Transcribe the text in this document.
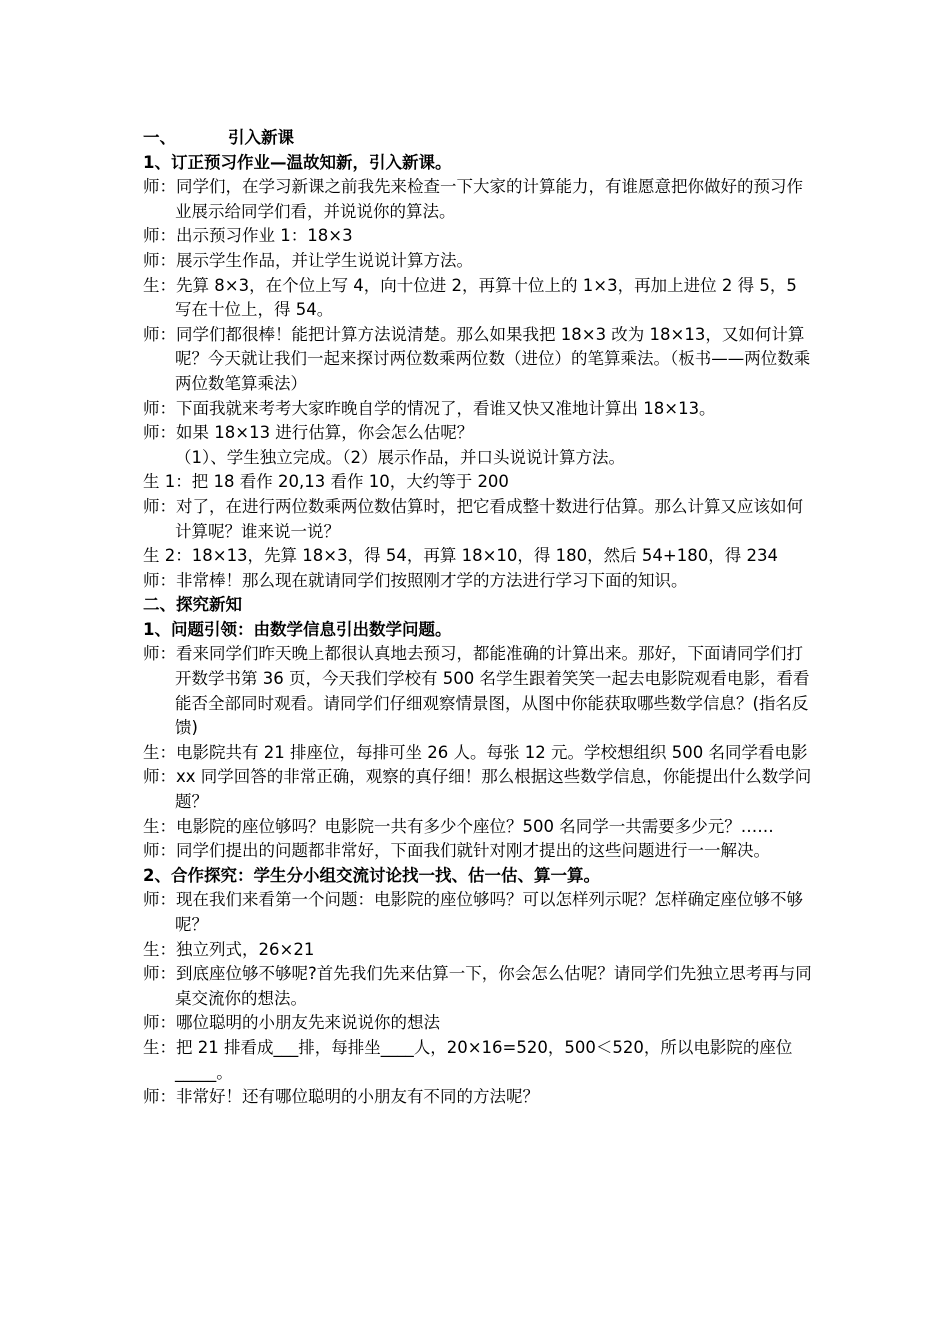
一、	引入新课
1、订正预习作业—温故知新，引入新课。
师：同学们，在学习新课之前我先来检查一下大家的计算能力，有谁愿意把你做好的预习作业展示给同学们看，并说说你的算法。
师：出示预习作业 1：18×3
师：展示学生作品，并让学生说说计算方法。
生：先算 8×3，在个位上写 4，向十位进 2，再算十位上的 1×3，再加上进位 2 得 5，5 写在十位上，得 54。
师：同学们都很棒！能把计算方法说清楚。那么如果我把 18×3 改为 18×13，又如何计算呢？今天就让我们一起来探讨两位数乘两位数（进位）的笔算乘法。（板书——两位数乘两位数笔算乘法）
师：下面我就来考考大家昨晚自学的情况了，看谁又快又准地计算出 18×13。
师：如果 18×13 进行估算，你会怎么估呢？
（1）、学生独立完成。（2）展示作品，并口头说说计算方法。
生 1：把 18 看作 20,13 看作 10，大约等于 200
师：对了，在进行两位数乘两位数估算时，把它看成整十数进行估算。那么计算又应该如何计算呢？谁来说一说？
生 2：18×13，先算 18×3，得 54，再算 18×10，得 180，然后 54+180，得 234
师：非常棒！那么现在就请同学们按照刚才学的方法进行学习下面的知识。
二、探究新知
1、问题引领：由数学信息引出数学问题。
师：看来同学们昨天晚上都很认真地去预习，都能准确的计算出来。那好，下面请同学们打开数学书第 36 页，今天我们学校有 500 名学生跟着笑笑一起去电影院观看电影，看看能否全部同时观看。请同学们仔细观察情景图，从图中你能获取哪些数学信息？(指名反馈)
生：电影院共有 21 排座位，每排可坐 26 人。每张 12 元。学校想组织 500 名同学看电影
师：xx 同学回答的非常正确，观察的真仔细！那么根据这些数学信息，你能提出什么数学问题？
生：电影院的座位够吗？电影院一共有多少个座位？500 名同学一共需要多少元？……
师：同学们提出的问题都非常好，下面我们就针对刚才提出的这些问题进行一一解决。
2、合作探究：学生分小组交流讨论找一找、估一估、算一算。
师：现在我们来看第一个问题：电影院的座位够吗？可以怎样列示呢？怎样确定座位够不够呢？
生：独立列式，26×21
师：到底座位够不够呢?首先我们先来估算一下，你会怎么估呢？请同学们先独立思考再与同桌交流你的想法。
师：哪位聪明的小朋友先来说说你的想法
生：把 21 排看成___排，每排坐____人，20×16=520，500＜520，所以电影院的座位_____。
师：非常好！还有哪位聪明的小朋友有不同的方法呢？
